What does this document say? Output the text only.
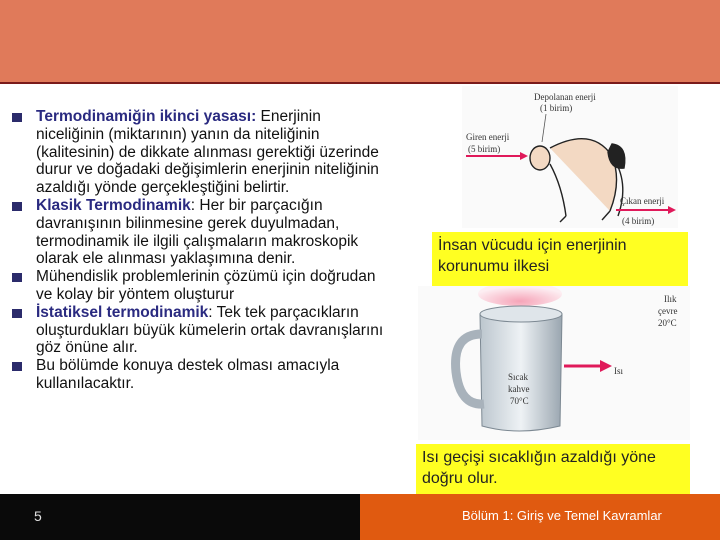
Termodinamiğin ikinci yasası: Enerjinin niceliğinin (miktarının) yanın da niteliğinin (kalitesinin) de dikkate alınması gerektiği üzerinde durur ve doğadaki değişimlerin enerjinin niteliğinin azaldığı yönde gerçekleştiğini belirtir.
Klasik Termodinamik: Her bir parçacığın davranışının bilinmesine gerek duyulmadan, termodinamik ile ilgili çalışmaların makroskopik olarak ele alınması yaklaşımına denir.
Mühendislik problemlerinin çözümü için doğrudan ve kolay bir yöntem oluşturur
İstatiksel termodinamik: Tek tek parçacıkların oluşturdukları büyük kümelerin ortak davranışlarını göz önüne alır.
Bu bölümde konuya destek olması amacıyla kullanılacaktır.
Depolanan enerji
(1 birim)
Giren enerji
(5 birim)
Çıkan enerji
(4 birim)
İnsan vücudu için enerjinin korunumu ilkesi
Sıcak
kahve
70°C
Isı
Ilık
çevre
20°C
Isı geçişi sıcaklığın azaldığı yöne doğru olur.
5	Bölüm 1: Giriş ve Temel Kavramlar
